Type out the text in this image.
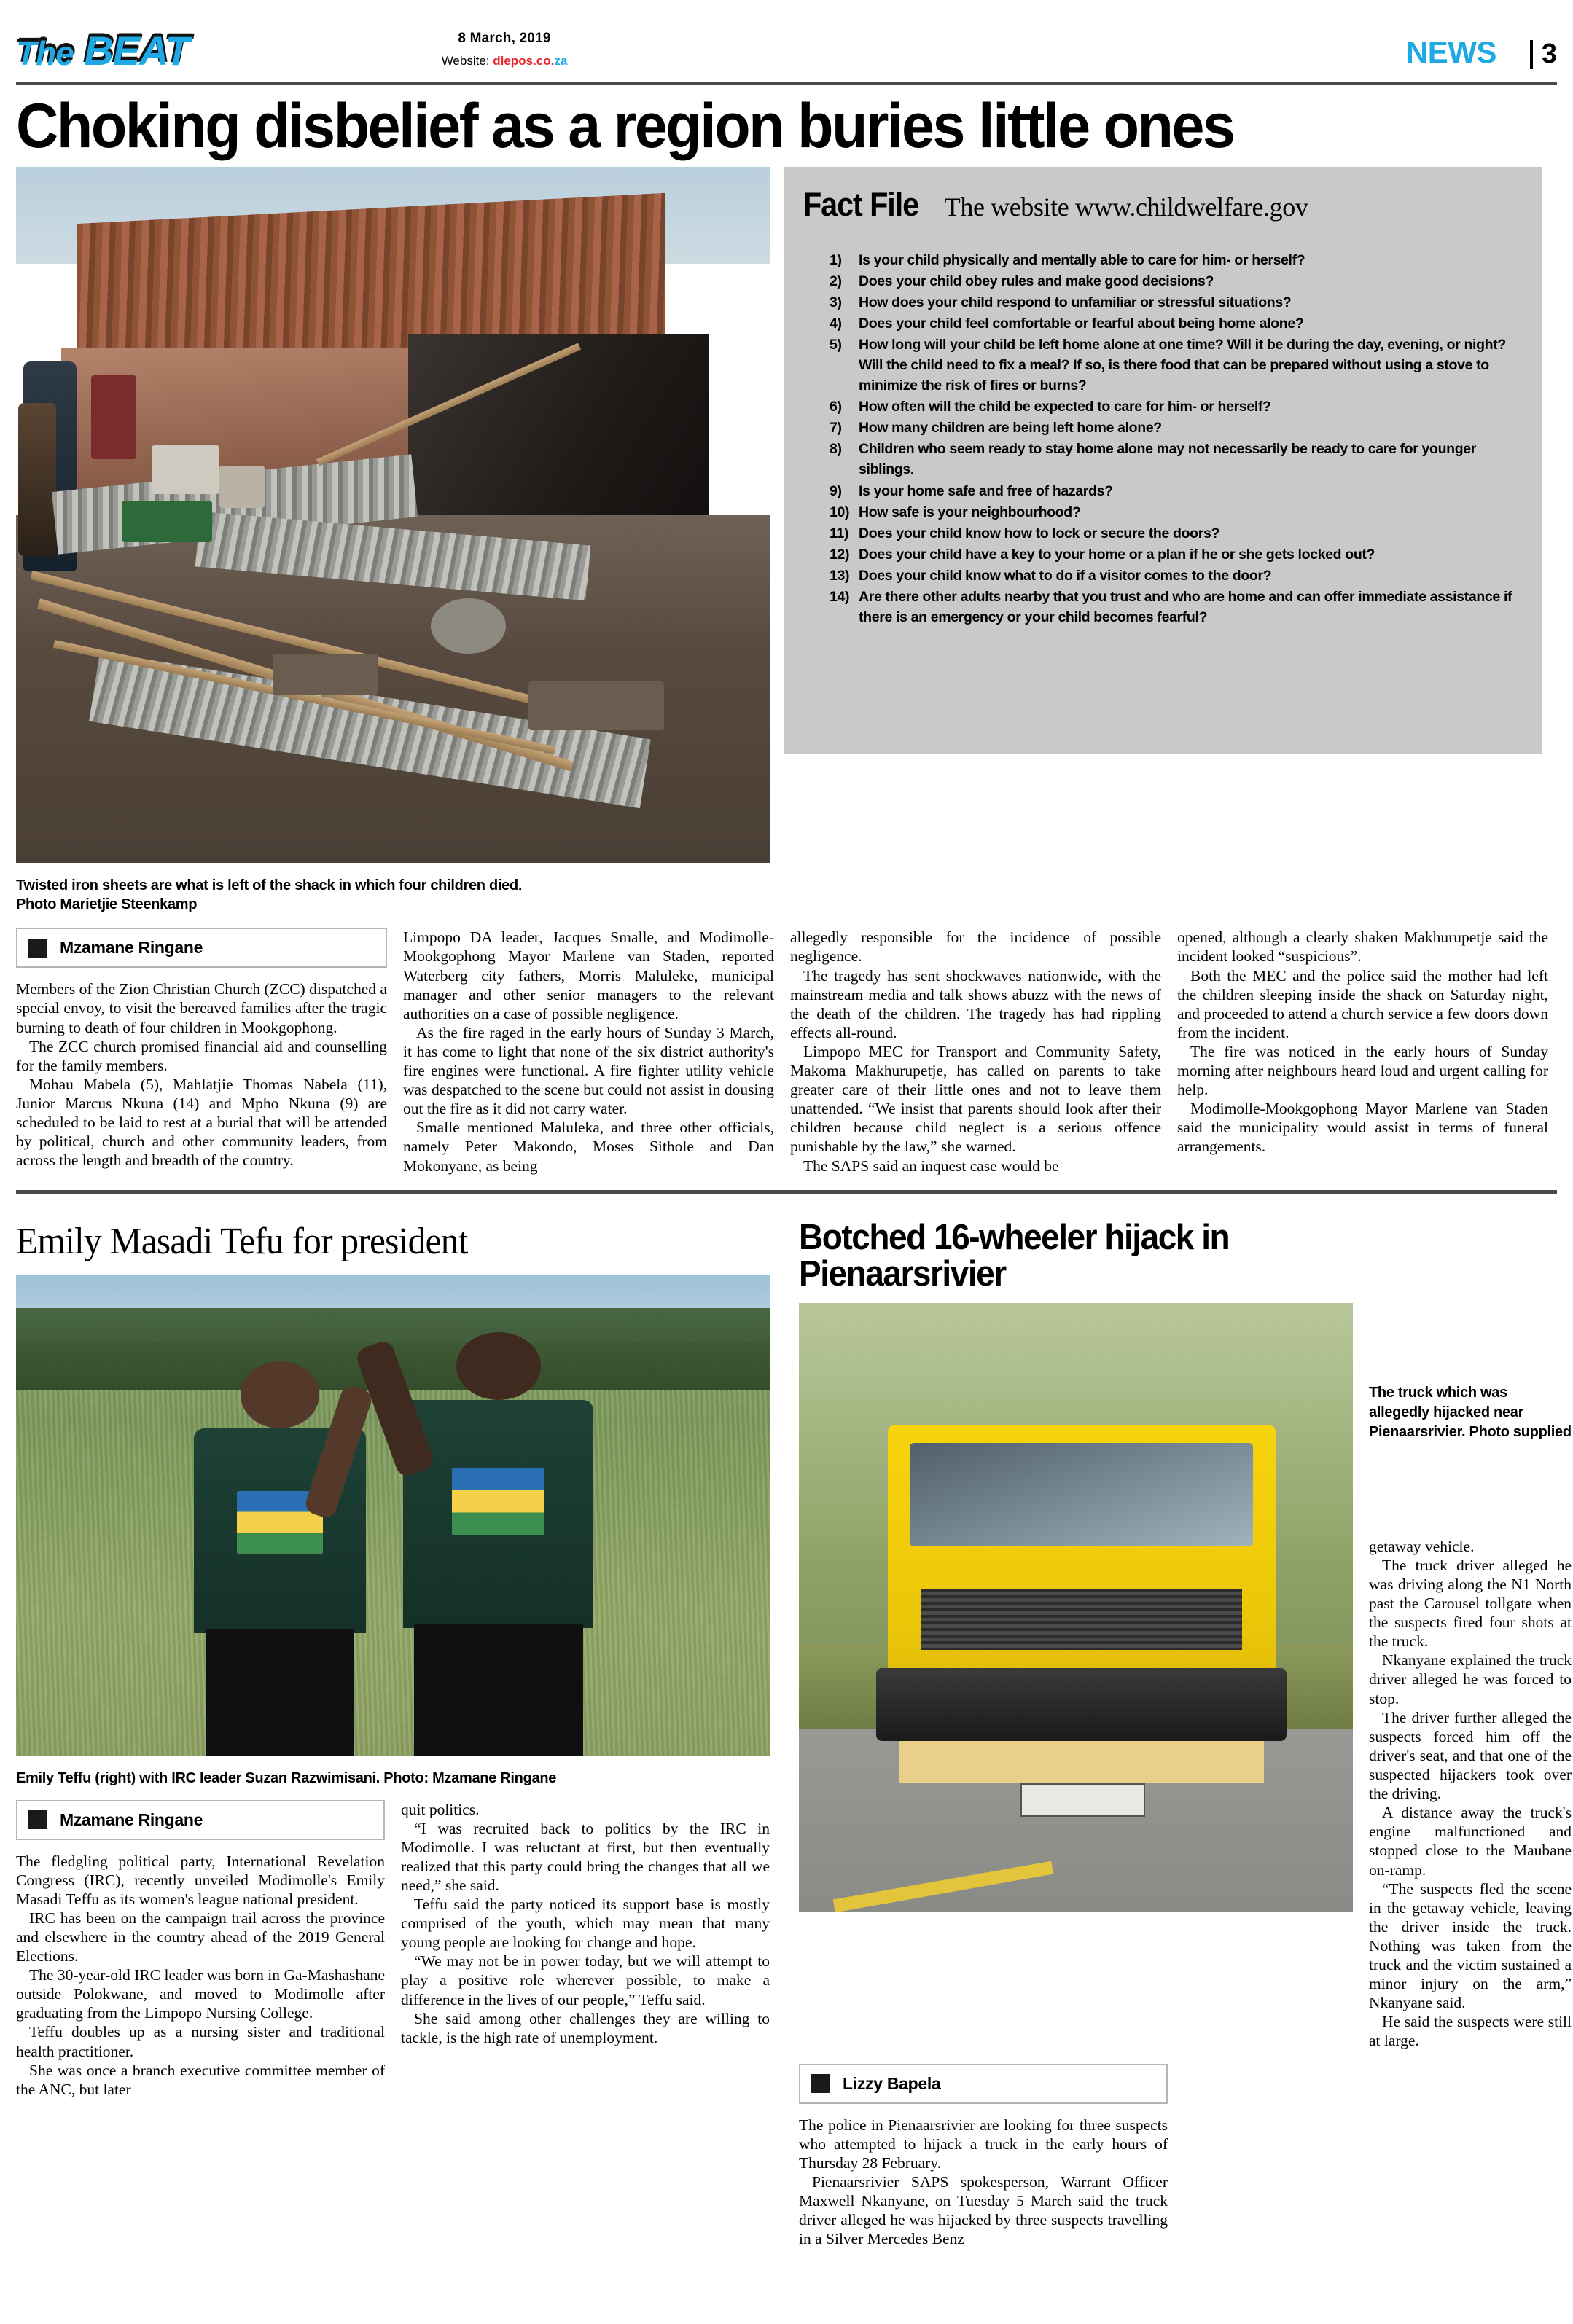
The BEAT	8 March, 2019
Website: diepos.co.za	NEWS 3
Choking disbelief as a region buries little ones
Twisted iron sheets are what is left of the shack in which four children died.
Photo Marietjie Steenkamp
Fact File The website www.childwelfare.gov
1)	Is your child physically and mentally able to care for him- or herself?
2)	Does your child obey rules and make good decisions?
3)	How does your child respond to unfamiliar or stressful situations?
4)	Does your child feel comfortable or fearful about being home alone?
5)	How long will your child be left home alone at one time? Will it be during the day, evening, or night? Will the child need to fix a meal? If so, is there food that can be prepared without using a stove to minimize the risk of fires or burns?
6)	How often will the child be expected to care for him- or herself?
7)	How many children are being left home alone?
8)	Children who seem ready to stay home alone may not necessarily be ready to care for younger siblings.
9)	Is your home safe and free of hazards?
10) How safe is your neighbourhood?
11) Does your child know how to lock or secure the doors?
12) Does your child have a key to your home or a plan if he or she gets locked out?
13) Does your child know what to do if a visitor comes to the door?
14) Are there other adults nearby that you trust and who are home and can offer immediate assistance if there is an emergency or your child becomes fearful?
Mzamane Ringane

Members of the Zion Christian Church (ZCC) dispatched a special envoy, to visit the bereaved families after the tragic burning to death of four children in Mookgophong.

The ZCC church promised financial aid and counselling for the family members.

Mohau Mabela (5), Mahlatjie Thomas Nabela (11), Junior Marcus Nkuna (14) and Mpho Nkuna (9) are scheduled to be laid to rest at a burial that will be attended by political, church and other community leaders, from across the length and breadth of the country.

Limpopo DA leader, Jacques Smalle, and Modimolle-Mookgophong Mayor Marlene van Staden, reported Waterberg city fathers, Morris Maluleke, municipal manager and other senior managers to the relevant authorities on a case of possible negligence.

As the fire raged in the early hours of Sunday 3 March, it has come to light that none of the six district authority's fire engines were functional. A fire fighter utility vehicle was despatched to the scene but could not assist in dousing out the fire as it did not carry water.

Smalle mentioned Maluleka, and three other officials, namely Peter Makondo, Moses Sithole and Dan Mokonyane, as being

allegedly responsible for the incidence of possible negligence.

The tragedy has sent shockwaves nationwide, with the mainstream media and talk shows abuzz with the news of the death of the children. The tragedy has had rippling effects all-round.

Limpopo MEC for Transport and Community Safety, Makoma Makhurupetje, has called on parents to take greater care of their little ones and not to leave them unattended. “We insist that parents should look after their children because child neglect is a serious offence punishable by the law,” she warned.

The SAPS said an inquest case would be

opened, although a clearly shaken Makhurupetje said the incident looked “suspicious”.

Both the MEC and the police said the mother had left the children sleeping inside the shack on Saturday night, and proceeded to attend a church service a few doors down from the incident.

The fire was noticed in the early hours of Sunday morning after neighbours heard loud and urgent calling for help.

Modimolle-Mookgophong Mayor Marlene van Staden said the municipality would assist in terms of funeral arrangements.

Emily Masadi Tefu for president
Emily Teffu (right) with IRC leader Suzan Razwimisani. Photo: Mzamane Ringane
Mzamane Ringane

The fledgling political party, International Revelation Congress (IRC), recently unveiled Modimolle's Emily Masadi Teffu as its women's league national president.

IRC has been on the campaign trail across the province and elsewhere in the country ahead of the 2019 General Elections.

The 30-year-old IRC leader was born in Ga-Mashashane outside Polokwane, and moved to Modimolle after graduating from the Limpopo Nursing College.

Teffu doubles up as a nursing sister and traditional health practitioner.

She was once a branch executive committee member of the ANC, but later

quit politics.

“I was recruited back to politics by the IRC in Modimolle. I was reluctant at first, but then eventually realized that this party could bring the changes that all we need,” she said.

Teffu said the party noticed its support base is mostly comprised of the youth, which may mean that many young people are looking for change and hope.

“We may not be in power today, but we will attempt to play a positive role wherever possible, to make a difference in the lives of our people,” Teffu said.

She said among other challenges they are willing to tackle, is the high rate of unemployment.

Botched 16-wheeler hijack in
Pienaarsrivier
The truck which was allegedly hijacked near Pienaarsrivier. Photo supplied

getaway vehicle.

The truck driver alleged he was driving along the N1 North past the Carousel tollgate when the suspects fired four shots at the truck.

Nkanyane explained the truck driver alleged he was forced to stop.

The driver further alleged the suspects forced him off the driver's seat, and that one of the suspected hijackers took over the driving.

A distance away the truck's engine malfunctioned and stopped close to the Maubane on-ramp.

“The suspects fled the scene in the getaway vehicle, leaving the driver inside the truck. Nothing was taken from the truck and the victim sustained a minor injury on the arm,” Nkanyane said.

He said the suspects were still at large.

Lizzy Bapela

The police in Pienaarsrivier are looking for three suspects who attempted to hijack a truck in the early hours of Thursday 28 February.

Pienaarsrivier SAPS spokesperson, Warrant Officer Maxwell Nkanyane, on Tuesday 5 March said the truck driver alleged he was hijacked by three suspects travelling in a Silver Mercedes Benz
